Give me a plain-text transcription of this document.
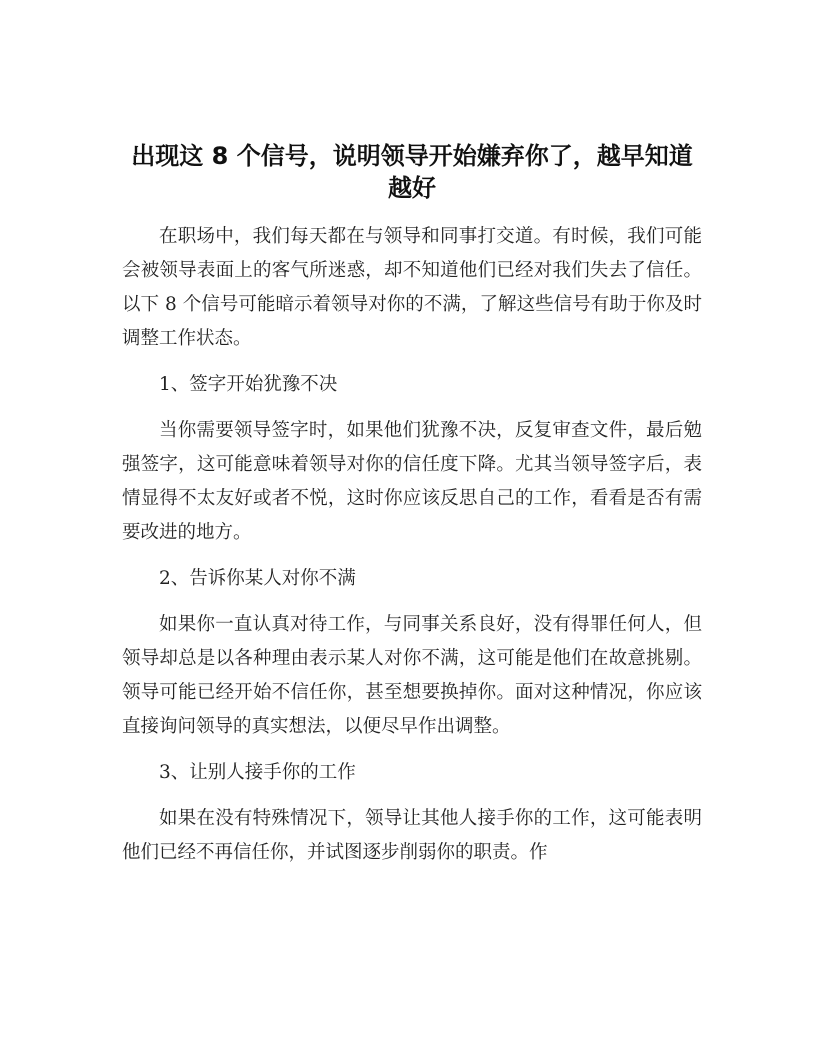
出现这 8 个信号，说明领导开始嫌弃你了，越早知道越好

在职场中，我们每天都在与领导和同事打交道。有时候，我们可能会被领导表面上的客气所迷惑，却不知道他们已经对我们失去了信任。以下 8 个信号可能暗示着领导对你的不满，了解这些信号有助于你及时调整工作状态。

1、签字开始犹豫不决

当你需要领导签字时，如果他们犹豫不决，反复审查文件，最后勉强签字，这可能意味着领导对你的信任度下降。尤其当领导签字后，表情显得不太友好或者不悦，这时你应该反思自己的工作，看看是否有需要改进的地方。

2、告诉你某人对你不满

如果你一直认真对待工作，与同事关系良好，没有得罪任何人，但领导却总是以各种理由表示某人对你不满，这可能是他们在故意挑剔。领导可能已经开始不信任你，甚至想要换掉你。面对这种情况，你应该直接询问领导的真实想法，以便尽早作出调整。

3、让别人接手你的工作

如果在没有特殊情况下，领导让其他人接手你的工作，这可能表明他们已经不再信任你，并试图逐步削弱你的职责。作
